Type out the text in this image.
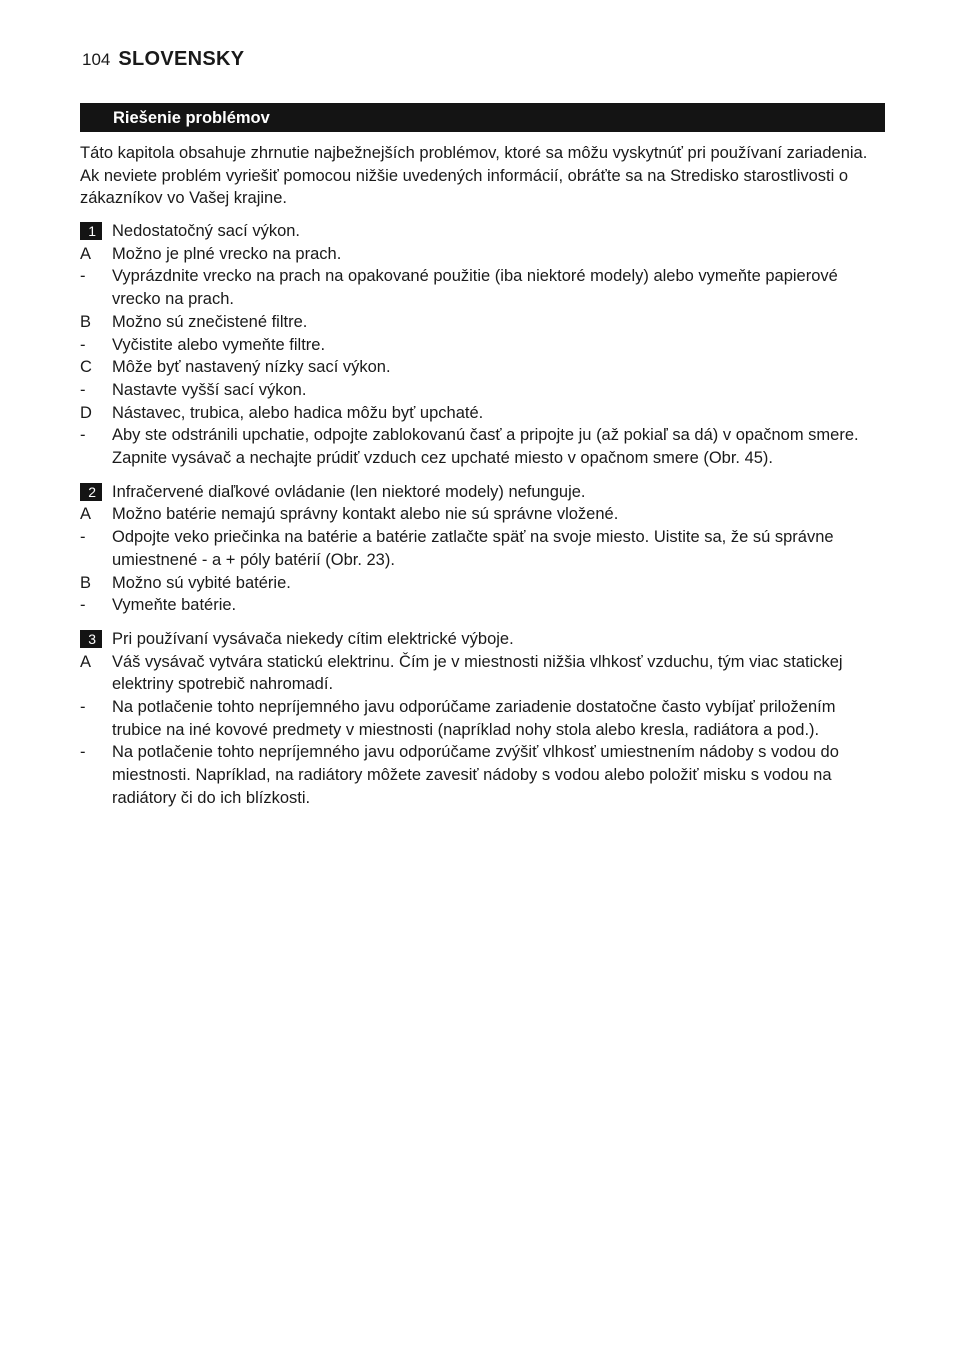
104 SLOVENSKY
Riešenie problémov

Táto kapitola obsahuje zhrnutie najbežnejších problémov, ktoré sa môžu vyskytnúť pri používaní zariadenia. Ak neviete problém vyriešiť pomocou nižšie uvedených informácií, obráťte sa na Stredisko starostlivosti o zákazníkov vo Vašej krajine.

1 Nedostatočný sací výkon.
A	Možno je plné vrecko na prach.
-	Vyprázdnite vrecko na prach na opakované použitie (iba niektoré modely) alebo vymeňte papierové vrecko na prach.
B	Možno sú znečistené filtre.
-	Vyčistite alebo vymeňte filtre.
C	Môže byť nastavený nízky sací výkon.
-	Nastavte vyšší sací výkon.
D	Nástavec, trubica, alebo hadica môžu byť upchaté.
-	Aby ste odstránili upchatie, odpojte zablokovanú časť a pripojte ju (až pokiaľ sa dá) v opačnom smere. Zapnite vysávač a nechajte prúdiť vzduch cez upchaté miesto v opačnom smere (Obr. 45).
2 Infračervené diaľkové ovládanie (len niektoré modely) nefunguje.
A	Možno batérie nemajú správny kontakt alebo nie sú správne vložené.
-	Odpojte veko priečinka na batérie a batérie zatlačte späť na svoje miesto. Uistite sa, že sú správne umiestnené - a + póly batérií (Obr. 23).
B	Možno sú vybité batérie.
-	Vymeňte batérie.
3 Pri používaní vysávača niekedy cítim elektrické výboje.
A	Váš vysávač vytvára statickú elektrinu. Čím je v miestnosti nižšia vlhkosť vzduchu, tým viac statickej elektriny spotrebič nahromadí.
-	Na potlačenie tohto nepríjemného javu odporúčame zariadenie dostatočne často vybíjať priložením trubice na iné kovové predmety v miestnosti (napríklad nohy stola alebo kresla, radiátora a pod.).
-	Na potlačenie tohto nepríjemného javu odporúčame zvýšiť vlhkosť umiestnením nádoby s vodou do miestnosti. Napríklad, na radiátory môžete zavesiť nádoby s vodou alebo položiť misku s vodou na radiátory či do ich blízkosti.
